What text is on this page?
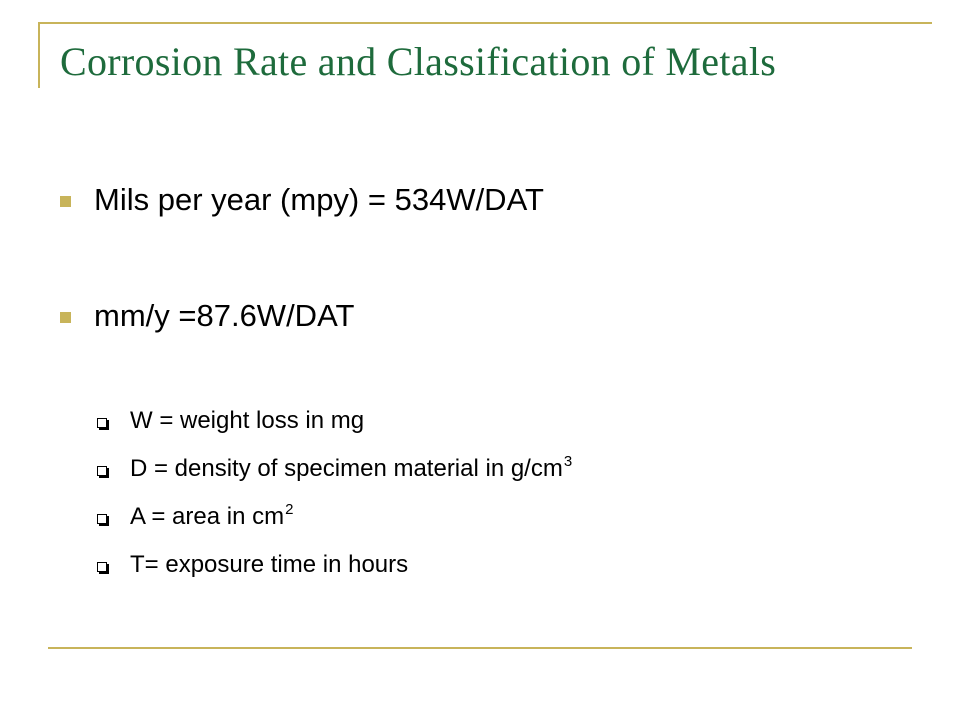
Corrosion Rate and Classification of Metals
Mils per year (mpy) = 534W/DAT
mm/y =87.6W/DAT
W = weight loss in mg
D = density of specimen material in $g/cm^3$
A = area in $cm^2$
T= exposure time in hours
